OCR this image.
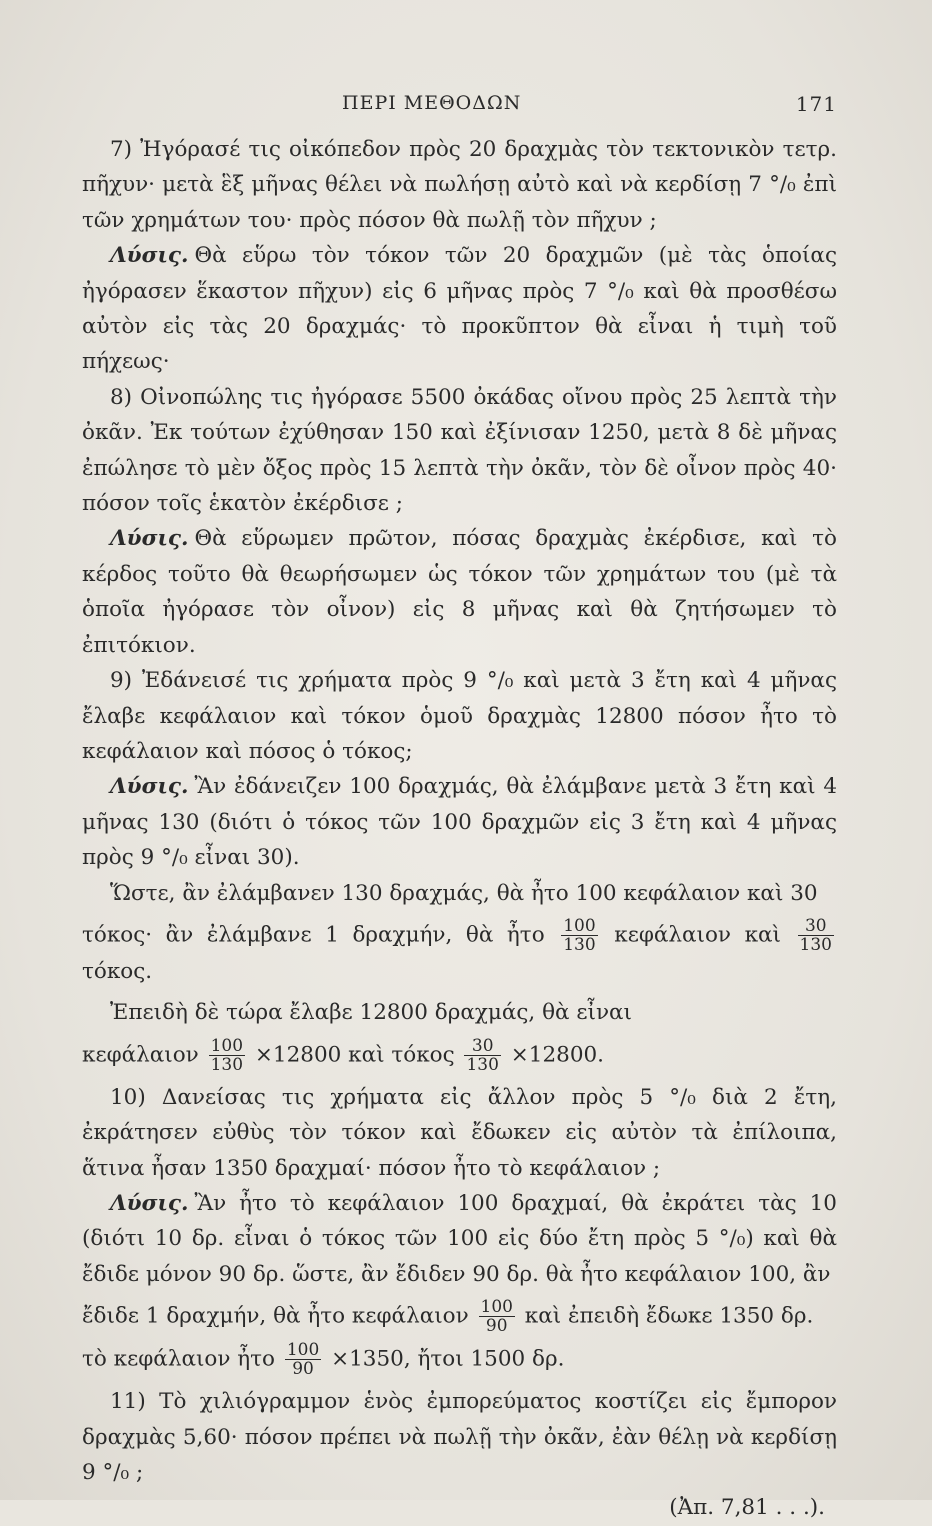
ΠΕΡΙ ΜΕΘΟΔΩΝ	171

7) Ἠγόρασέ τις οἰκόπεδον πρὸς 20 δραχμὰς τὸν τεκτονικὸν τετρ. πῆχυν· μετὰ ἓξ μῆνας θέλει νὰ πωλήσῃ αὐτὸ καὶ νὰ κερδίσῃ 7 °/₀ ἐπὶ τῶν χρημάτων του· πρὸς πόσον θὰ πωλῇ τὸν πῆχυν ;

Λύσις. Θὰ εὕρω τὸν τόκον τῶν 20 δραχμῶν (μὲ τὰς ὁποίας ἠγόρασεν ἕκαστον πῆχυν) εἰς 6 μῆνας πρὸς 7 °/₀ καὶ θὰ προσθέσω αὐτὸν εἰς τὰς 20 δραχμάς· τὸ προκῦπτον θὰ εἶναι ἡ τιμὴ τοῦ πήχεως·

8) Οἰνοπώλης τις ἠγόρασε 5500 ὀκάδας οἴνου πρὸς 25 λεπτὰ τὴν ὀκᾶν. Ἐκ τούτων ἐχύθησαν 150 καὶ ἐξίνισαν 1250, μετὰ 8 δὲ μῆνας ἐπώλησε τὸ μὲν ὄξος πρὸς 15 λεπτὰ τὴν ὀκᾶν, τὸν δὲ οἶνον πρὸς 40· πόσον τοῖς ἑκατὸν ἐκέρδισε ;

Λύσις. Θὰ εὕρωμεν πρῶτον, πόσας δραχμὰς ἐκέρδισε, καὶ τὸ κέρδος τοῦτο θὰ θεωρήσωμεν ὡς τόκον τῶν χρημάτων του (μὲ τὰ ὁποῖα ἠγόρασε τὸν οἶνον) εἰς 8 μῆνας καὶ θὰ ζητήσωμεν τὸ ἐπιτόκιον.

9) Ἐδάνεισέ τις χρήματα πρὸς 9 °/₀ καὶ μετὰ 3 ἔτη καὶ 4 μῆνας ἔλαβε κεφάλαιον καὶ τόκον ὁμοῦ δραχμὰς 12800 πόσον ἦτο τὸ κεφάλαιον καὶ πόσος ὁ τόκος;

Λύσις. Ἂν ἐδάνειζεν 100 δραχμάς, θὰ ἐλάμβανε μετὰ 3 ἔτη καὶ 4 μῆνας 130 (διότι ὁ τόκος τῶν 100 δραχμῶν εἰς 3 ἔτη καὶ 4 μῆνας πρὸς 9 °/₀ εἶναι 30).

Ὥστε, ἂν ἐλάμβανεν 130 δραχμάς, θὰ ἦτο 100 κεφάλαιον καὶ 30

τόκος· ἂν ἐλάμβανε 1 δραχμήν, θὰ ἦτο $\frac{100}{130}$ κεφάλαιον καὶ $\frac{30}{130}$
τόκος.

Ἐπειδὴ δὲ τώρα ἔλαβε 12800 δραχμάς, θὰ εἶναι

κεφάλαιον $\frac{100}{130} \times 12800$ καὶ τόκος $\frac{30}{130} \times 12800$.

10) Δανείσας τις χρήματα εἰς ἄλλον πρὸς 5 °/₀ διὰ 2 ἔτη, ἐκράτησεν εὐθὺς τὸν τόκον καὶ ἔδωκεν εἰς αὐτὸν τὰ ἐπίλοιπα, ἅτινα ἦσαν 1350 δραχμαί· πόσον ἦτο τὸ κεφάλαιον ;

Λύσις. Ἂν ἦτο τὸ κεφάλαιον 100 δραχμαί, θὰ ἐκράτει τὰς 10 (διότι 10 δρ. εἶναι ὁ τόκος τῶν 100 εἰς δύο ἔτη πρὸς 5 °/₀) καὶ θὰ ἔδιδε μόνον 90 δρ. ὥστε, ἂν ἔδιδεν 90 δρ. θὰ ἦτο κεφάλαιον 100, ἂν

ἔδιδε 1 δραχμήν, θὰ ἦτο κεφάλαιον $\frac{100}{90}$ καὶ ἐπειδὴ ἔδωκε 1350 δρ.

τὸ κεφάλαιον ἦτο $\frac{100}{90} \times 1350$, ἤτοι 1500 δρ.

11) Τὸ χιλιόγραμμον ἑνὸς ἐμπορεύματος κοστίζει εἰς ἔμπορον δραχμὰς 5,60· πόσον πρέπει νὰ πωλῇ τὴν ὀκᾶν, ἐὰν θέλῃ νὰ κερδίσῃ 9 °/₀ ;

(Ἀπ. 7,81 . . .).
